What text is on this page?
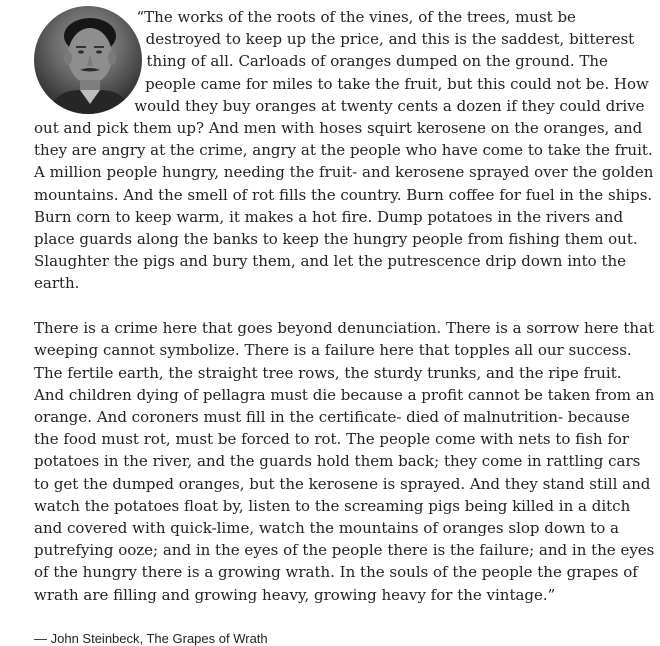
“The works of the roots of the vines, of the trees, must be destroyed to keep up the price, and this is the saddest, bitterest thing of all. Carloads of oranges dumped on the ground. The people came for miles to take the fruit, but this could not be. How would they buy oranges at twenty cents a dozen if they could drive out and pick them up? And men with hoses squirt kerosene on the oranges, and they are angry at the crime, angry at the people who have come to take the fruit. A million people hungry, needing the fruit- and kerosene sprayed over the golden mountains. And the smell of rot fills the country. Burn coffee for fuel in the ships. Burn corn to keep warm, it makes a hot fire. Dump potatoes in the rivers and place guards along the banks to keep the hungry people from fishing them out. Slaughter the pigs and bury them, and let the putrescence drip down into the earth.

There is a crime here that goes beyond denunciation. There is a sorrow here that weeping cannot symbolize. There is a failure here that topples all our success. The fertile earth, the straight tree rows, the sturdy trunks, and the ripe fruit. And children dying of pellagra must die because a profit cannot be taken from an orange. And coroners must fill in the certificate- died of malnutrition- because the food must rot, must be forced to rot. The people come with nets to fish for potatoes in the river, and the guards hold them back; they come in rattling cars to get the dumped oranges, but the kerosene is sprayed. And they stand still and watch the potatoes float by, listen to the screaming pigs being killed in a ditch and covered with quick-lime, watch the mountains of oranges slop down to a putrefying ooze; and in the eyes of the people there is the failure; and in the eyes of the hungry there is a growing wrath. In the souls of the people the grapes of wrath are filling and growing heavy, growing heavy for the vintage.”

― John Steinbeck, The Grapes of Wrath
